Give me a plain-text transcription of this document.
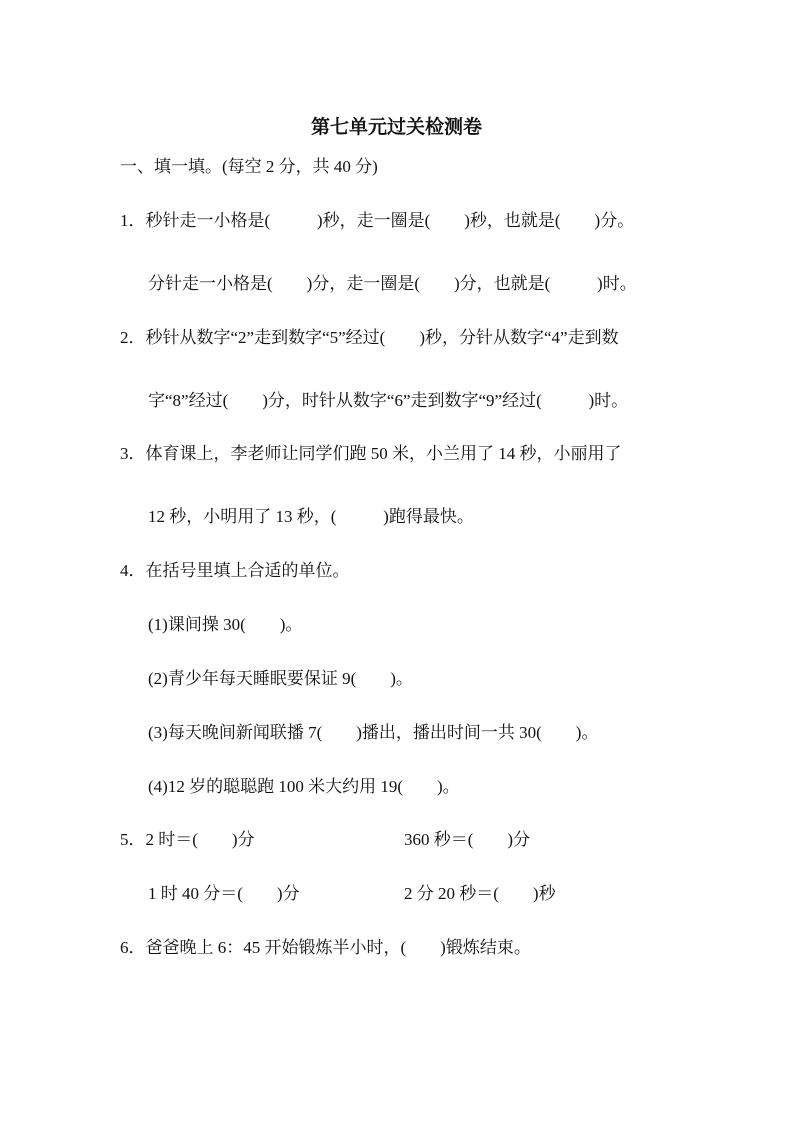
第七单元过关检测卷
一、填一填。(每空 2 分，共 40 分)
1．秒针走一小格是(           )秒，走一圈是(        )秒，也就是(        )分。
分针走一小格是(        )分，走一圈是(        )分，也就是(           )时。
2．秒针从数字“2”走到数字“5”经过(        )秒，分针从数字“4”走到数
字“8”经过(        )分，时针从数字“6”走到数字“9”经过(           )时。
3．体育课上，李老师让同学们跑 50 米，小兰用了 14 秒，小丽用了
12 秒，小明用了 13 秒，(           )跑得最快。
4．在括号里填上合适的单位。
(1)课间操 30(        )。
(2)青少年每天睡眠要保证 9(        )。
(3)每天晚间新闻联播 7(        )播出，播出时间一共 30(        )。
(4)12 岁的聪聪跑 100 米大约用 19(        )。
5．2 时＝(        )分	360 秒＝(        )分
1 时 40 分＝(        )分	2 分 20 秒＝(        )秒
6．爸爸晚上 6：45 开始锻炼半小时，(        )锻炼结束。
